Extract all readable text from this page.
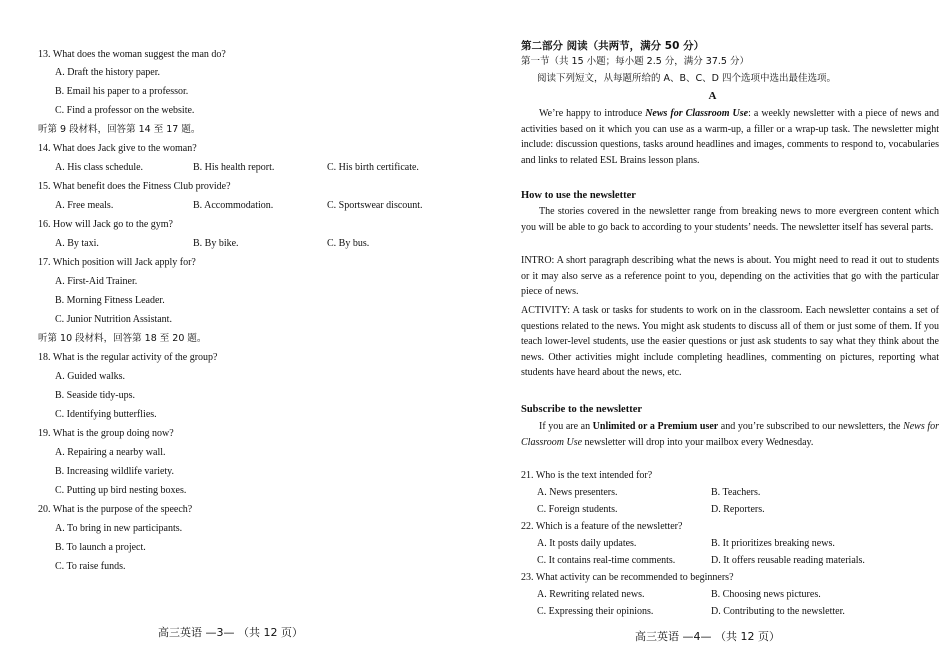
13. What does the woman suggest the man do?
A. Draft the history paper.
B. Email his paper to a professor.
C. Find a professor on the website.
听第 9 段材料，回答第 14 至 17 题。
14. What does Jack give to the woman?
A. His class schedule.	B. His health report.	C. His birth certificate.
15. What benefit does the Fitness Club provide?
A. Free meals.	B. Accommodation.	C. Sportswear discount.
16. How will Jack go to the gym?
A. By taxi.	B. By bike.	C. By bus.
17. Which position will Jack apply for?
A. First-Aid Trainer.
B. Morning Fitness Leader.
C. Junior Nutrition Assistant.
听第 10 段材料，回答第 18 至 20 题。
18. What is the regular activity of the group?
A. Guided walks.
B. Seaside tidy-ups.
C. Identifying butterflies.
19. What is the group doing now?
A. Repairing a nearby wall.
B. Increasing wildlife variety.
C. Putting up bird nesting boxes.
20. What is the purpose of the speech?
A. To bring in new participants.
B. To launch a project.
C. To raise funds.
高三英语 —3— （共 12 页）
第二部分 阅读（共两节，满分 50 分）
第一节（共 15 小题；每小题 2.5 分，满分 37.5 分）
阅读下列短文，从每题所给的 A、B、C、D 四个选项中选出最佳选项。
A
We’re happy to introduce News for Classroom Use: a weekly newsletter with a piece of news and activities based on it which you can use as a warm-up, a filler or a wrap-up task. The newsletter might include: discussion questions, tasks around headlines and images, comments to respond to, vocabularies and links to related ESL Brains lesson plans.
How to use the newsletter
The stories covered in the newsletter range from breaking news to more evergreen content which you will be able to go back to according to your students’ needs. The newsletter itself has several parts.
INTRO: A short paragraph describing what the news is about. You might need to read it out to students or it may also serve as a reference point to you, depending on the activities that go with the particular piece of news.
ACTIVITY: A task or tasks for students to work on in the classroom. Each newsletter contains a set of questions related to the news. You might ask students to discuss all of them or just some of them. If you teach lower-level students, use the easier questions or just ask students to say what they think about the news. Other activities might include completing headlines, commenting on pictures, reporting what students have heard about the news, etc.
Subscribe to the newsletter
If you are an Unlimited or a Premium user and you’re subscribed to our newsletters, the News for Classroom Use newsletter will drop into your mailbox every Wednesday.
21. Who is the text intended for?
A. News presenters.	B. Teachers.
C. Foreign students.	D. Reporters.
22. Which is a feature of the newsletter?
A. It posts daily updates.	B. It prioritizes breaking news.
C. It contains real-time comments.	D. It offers reusable reading materials.
23. What activity can be recommended to beginners?
A. Rewriting related news.	B. Choosing news pictures.
C. Expressing their opinions.	D. Contributing to the newsletter.
高三英语 —4— （共 12 页）
